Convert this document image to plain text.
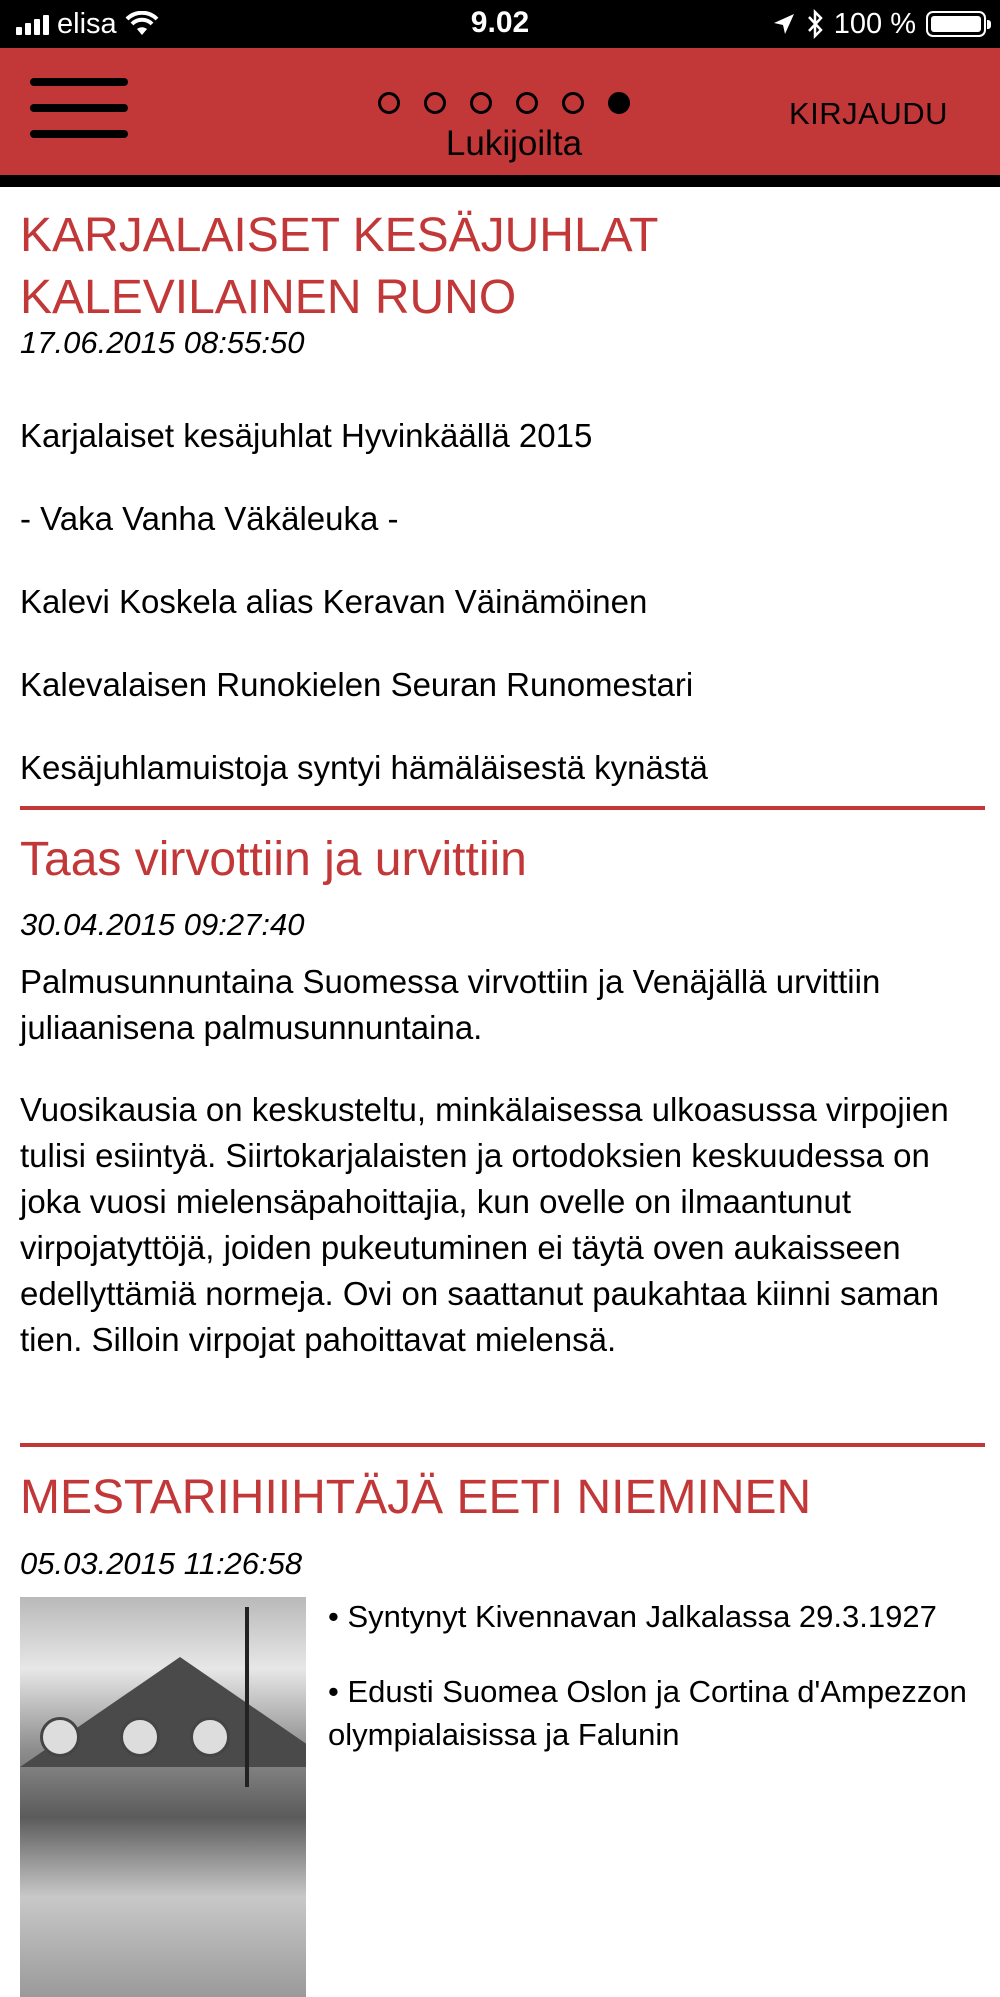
elisa	9.02	100 %
Lukijoilta
KIRJAUDU
KARJALAISET KESÄJUHLAT KALEVILAINEN RUNO
17.06.2015 08:55:50

Karjalaiset kesäjuhlat Hyvinkäällä 2015

- Vaka Vanha Väkäleuka -

Kalevi Koskela alias Keravan Väinämöinen

Kalevalaisen Runokielen Seuran Runomestari

Kesäjuhlamuistoja syntyi hämäläisestä kynästä

Taas virvottiin ja urvittiin
30.04.2015 09:27:40

Palmusunnuntaina Suomessa virvottiin ja Venäjällä urvittiin juliaanisena palmusunnuntaina.

Vuosikausia on keskusteltu, minkälaisessa ulkoasussa virpojien tulisi esiintyä. Siirtokarjalaisten ja ortodoksien keskuudessa on joka vuosi mielensäpahoittajia, kun ovelle on ilmaantunut virpojatyttöjä, joiden pukeutuminen ei täytä oven aukaisseen edellyttämiä normeja. Ovi on saattanut paukahtaa kiinni saman tien. Silloin virpojat pahoittavat mielensä.

MESTARIHIIHTÄJÄ EETI NIEMINEN
05.03.2015 11:26:58

• Syntynyt Kivennavan Jalkalassa 29.3.1927

• Edusti Suomea Oslon ja Cortina d'Ampezzon olympialaisissa ja Falunin
